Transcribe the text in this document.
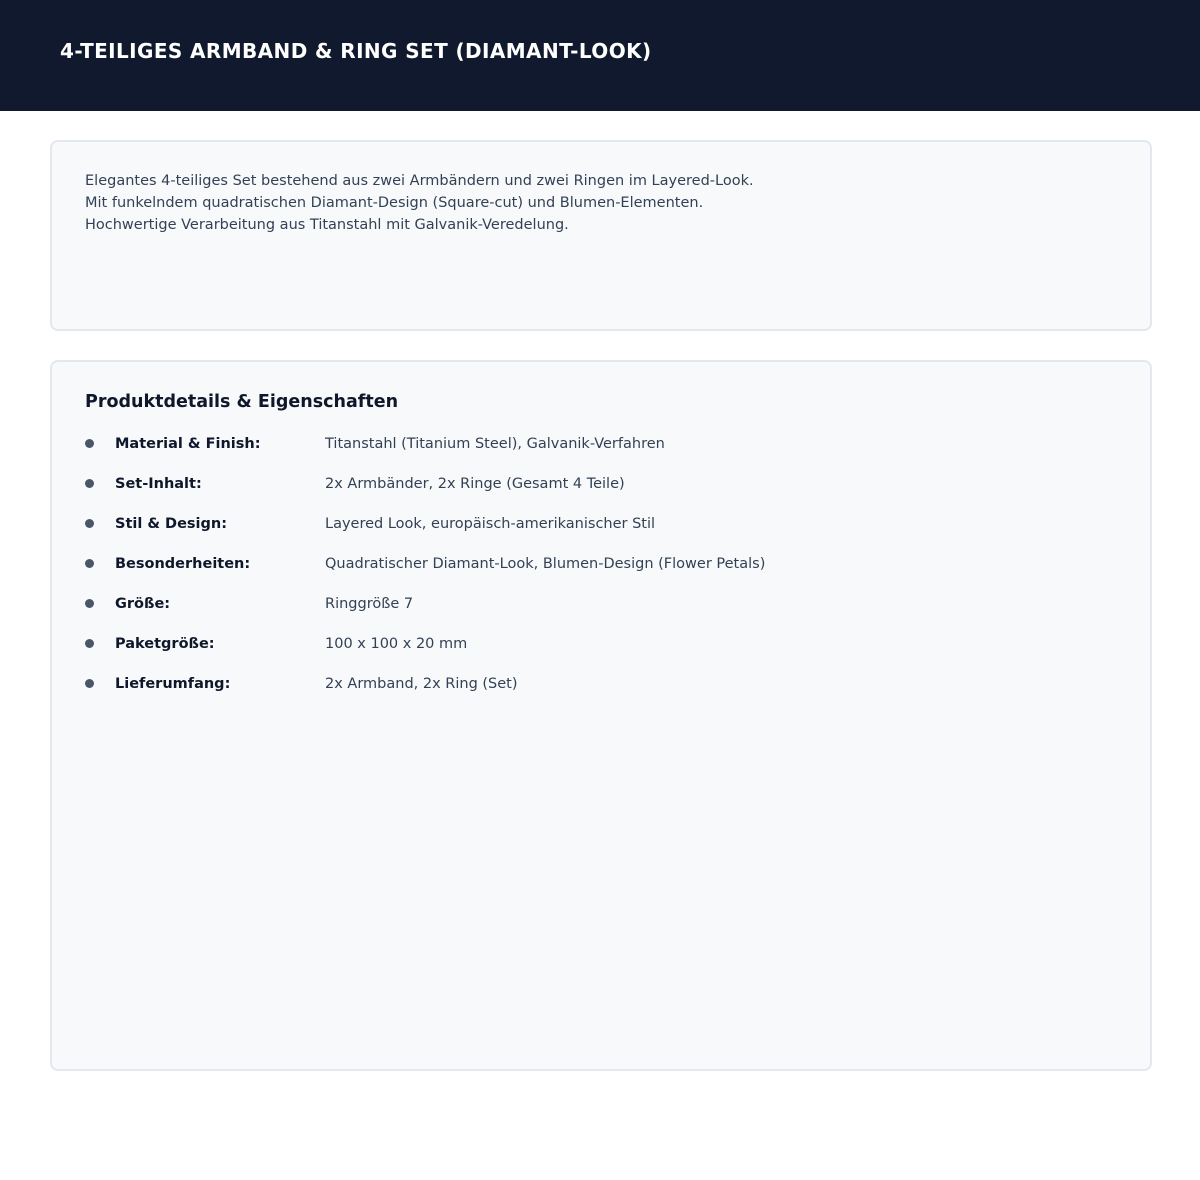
4-TEILIGES ARMBAND & RING SET (DIAMANT-LOOK)

Elegantes 4-teiliges Set bestehend aus zwei Armbändern und zwei Ringen im Layered-Look.

Mit funkelndem quadratischen Diamant-Design (Square-cut) und Blumen-Elementen.

Hochwertige Verarbeitung aus Titanstahl mit Galvanik-Veredelung.

Produktdetails & Eigenschaften
Material & Finish:	Titanstahl (Titanium Steel), Galvanik-Verfahren
Set-Inhalt:	2x Armbänder, 2x Ringe (Gesamt 4 Teile)
Stil & Design:	Layered Look, europäisch-amerikanischer Stil
Besonderheiten:	Quadratischer Diamant-Look, Blumen-Design (Flower Petals)
Größe:	Ringgröße 7
Paketgröße:	100 x 100 x 20 mm
Lieferumfang:	2x Armband, 2x Ring (Set)
